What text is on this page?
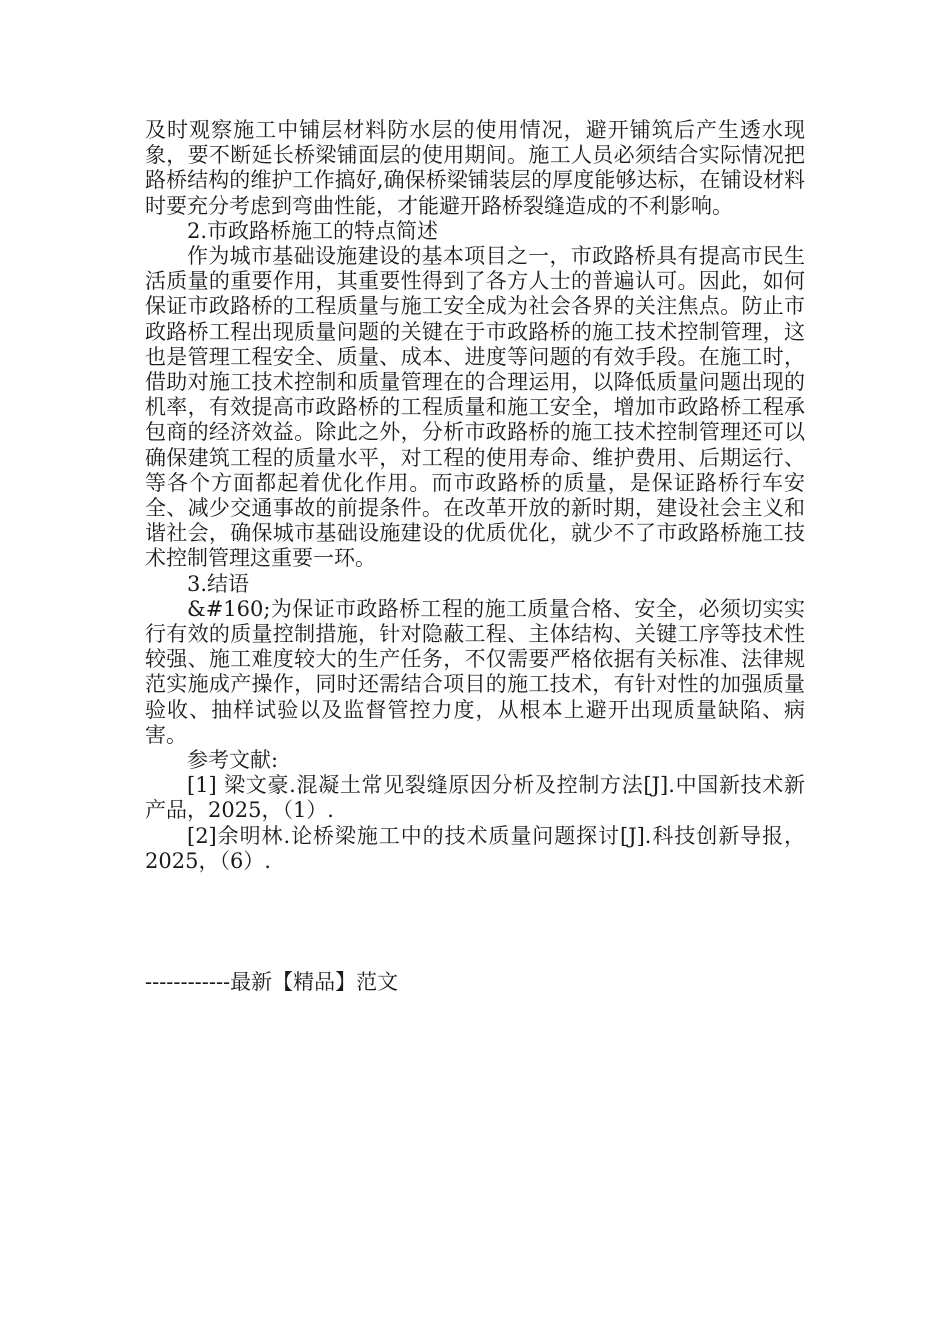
及时观察施工中铺层材料防水层的使用情况，避开铺筑后产生透水现象，要不断延长桥梁铺面层的使用期间。施工人员必须结合实际情况把路桥结构的维护工作搞好,确保桥梁铺装层的厚度能够达标，在铺设材料时要充分考虑到弯曲性能，才能避开路桥裂缝造成的不利影响。

2.市政路桥施工的特点简述

作为城市基础设施建设的基本项目之一，市政路桥具有提高市民生活质量的重要作用，其重要性得到了各方人士的普遍认可。因此，如何保证市政路桥的工程质量与施工安全成为社会各界的关注焦点。防止市政路桥工程出现质量问题的关键在于市政路桥的施工技术控制管理，这也是管理工程安全、质量、成本、进度等问题的有效手段。在施工时，借助对施工技术控制和质量管理在的合理运用，以降低质量问题出现的机率，有效提高市政路桥的工程质量和施工安全，增加市政路桥工程承包商的经济效益。除此之外，分析市政路桥的施工技术控制管理还可以确保建筑工程的质量水平，对工程的使用寿命、维护费用、后期运行、等各个方面都起着优化作用。而市政路桥的质量，是保证路桥行车安全、减少交通事故的前提条件。在改革开放的新时期，建设社会主义和谐社会，确保城市基础设施建设的优质优化，就少不了市政路桥施工技术控制管理这重要一环。

3.结语

&#160;为保证市政路桥工程的施工质量合格、安全，必须切实实行有效的质量控制措施，针对隐蔽工程、主体结构、关键工序等技术性较强、施工难度较大的生产任务，不仅需要严格依据有关标准、法律规范实施成产操作，同时还需结合项目的施工技术，有针对性的加强质量验收、抽样试验以及监督管控力度，从根本上避开出现质量缺陷、病害。

参考文献:

[1] 梁文豪.混凝土常见裂缝原因分析及控制方法[J].中国新技术新产品，2025，（1）.

[2]余明林.论桥梁施工中的技术质量问题探讨[J].科技创新导报，2025，（6）.

------------最新【精品】范文
